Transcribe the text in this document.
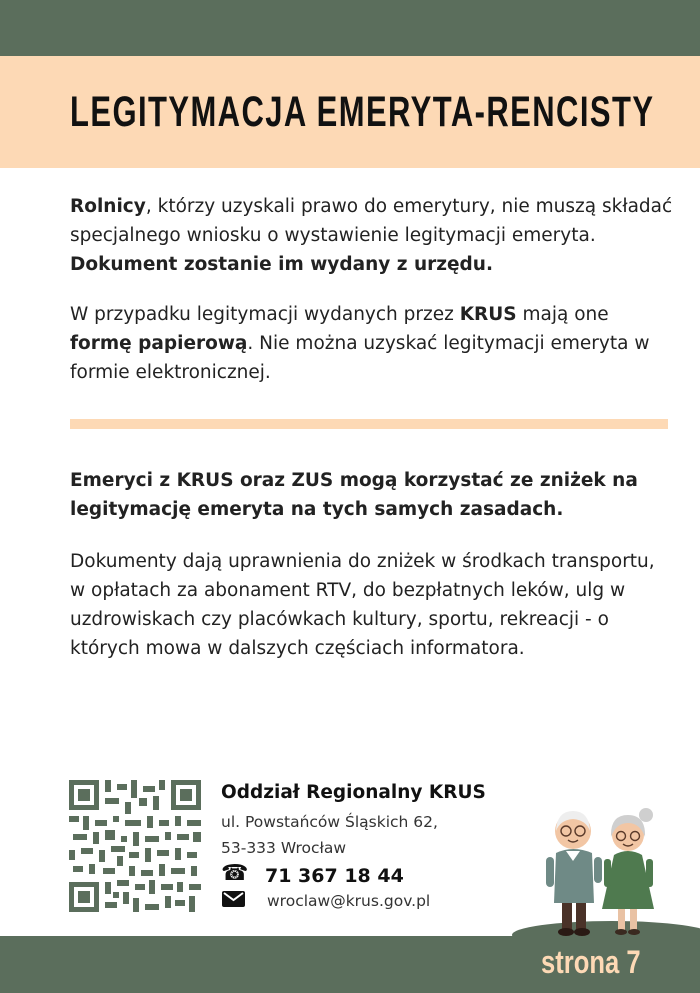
LEGITYMACJA EMERYTA-RENCISTY

Rolnicy, którzy uzyskali prawo do emerytury, nie muszą składać specjalnego wniosku o wystawienie legitymacji emeryta. Dokument zostanie im wydany z urzędu.

W przypadku legitymacji wydanych przez KRUS mają one formę papierową. Nie można uzyskać legitymacji emeryta w formie elektronicznej.

Emeryci z KRUS oraz ZUS mogą korzystać ze zniżek na legitymację emeryta na tych samych zasadach.

Dokumenty dają uprawnienia do zniżek w środkach transportu, w opłatach za abonament RTV, do bezpłatnych leków, ulg w uzdrowiskach czy placówkach kultury, sportu, rekreacji - o których mowa w dalszych częściach informatora.

Oddział Regionalny KRUS

ul. Powstańców Śląskich 62,

53-333 Wrocław

☎ 71 367 18 44

wroclaw@krus.gov.pl

strona 7
